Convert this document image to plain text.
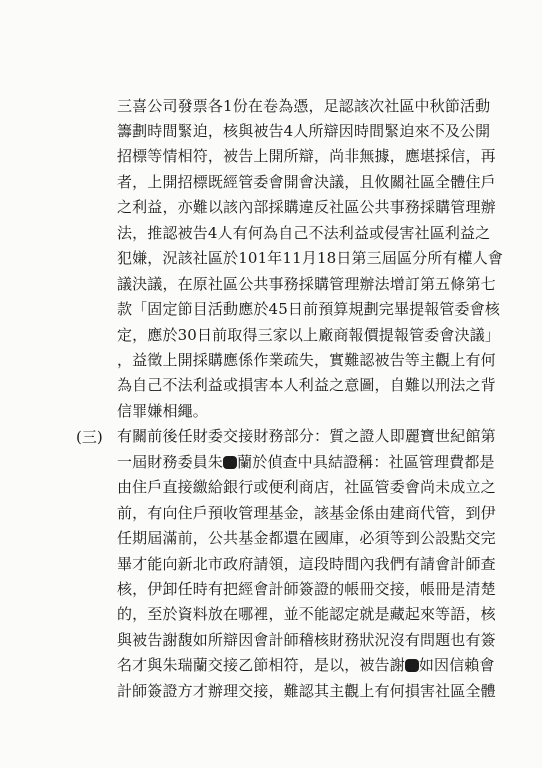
三喜公司發票各1份在卷為憑，足認該次社區中秋節活動
籌劃時間緊迫，核與被告4人所辯因時間緊迫來不及公開
招標等情相符，被告上開所辯，尚非無據，應堪採信，再
者，上開招標既經管委會開會決議，且攸關社區全體住戶
之利益，亦難以該內部採購違反社區公共事務採購管理辦
法，推認被告4人有何為自己不法利益或侵害社區利益之
犯嫌，況該社區於101年11月18日第三屆區分所有權人會
議決議，在原社區公共事務採購管理辦法增訂第五條第七
款「固定節目活動應於45日前預算規劃完畢提報管委會核
定，應於30日前取得三家以上廠商報價提報管委會決議」
，益徵上開採購應係作業疏失，實難認被告等主觀上有何
為自己不法利益或損害本人利益之意圖，自難以刑法之背
信罪嫌相繩。
(三) 有關前後任財委交接財務部分：質之證人即麗寶世紀館第
一屆財務委員朱 蘭於偵查中具結證稱：社區管理費都是
由住戶直接繳給銀行或便利商店，社區管委會尚未成立之
前，有向住戶預收管理基金，該基金係由建商代管，到伊
任期屆滿前，公共基金都還在國庫，必須等到公設點交完
畢才能向新北市政府請領，這段時間內我們有請會計師查
核，伊卸任時有把經會計師簽證的帳冊交接，帳冊是清楚
的，至於資料放在哪裡，並不能認定就是藏起來等語，核
與被告謝馥如所辯因會計師稽核財務狀況沒有問題也有簽
名才與朱瑞蘭交接乙節相符，是以，被告謝 如因信賴會
計師簽證方才辦理交接，難認其主觀上有何損害社區全體
